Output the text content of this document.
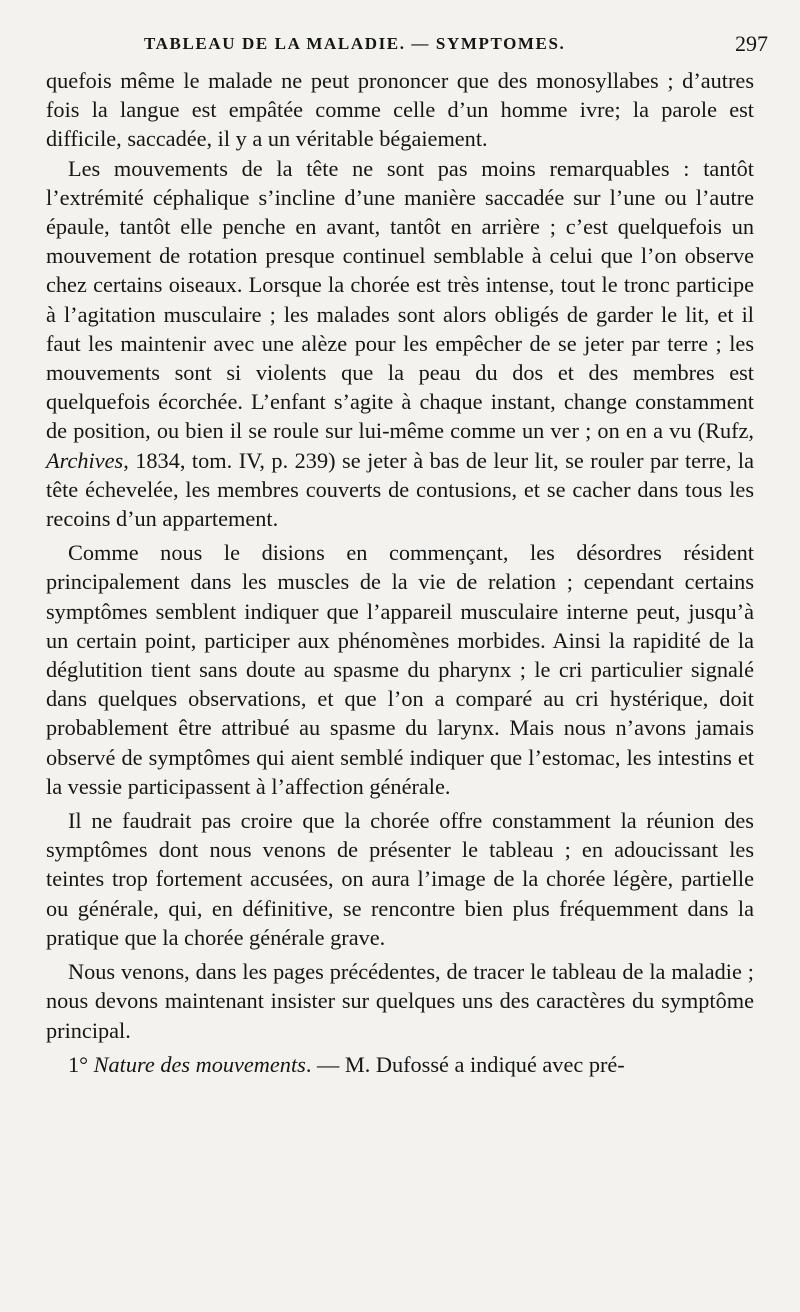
TABLEAU DE LA MALADIE. — SYMPTOMES.	297

quefois même le malade ne peut prononcer que des monosyllabes ; d’autres fois la langue est empâtée comme celle d’un homme ivre; la parole est difficile, saccadée, il y a un véritable bégaiement.

Les mouvements de la tête ne sont pas moins remarquables : tantôt l’extrémité céphalique s’incline d’une manière saccadée sur l’une ou l’autre épaule, tantôt elle penche en avant, tantôt en arrière ; c’est quelquefois un mouvement de rotation presque continuel semblable à celui que l’on observe chez certains oiseaux. Lorsque la chorée est très intense, tout le tronc participe à l’agitation musculaire ; les malades sont alors obligés de garder le lit, et il faut les maintenir avec une alèze pour les empêcher de se jeter par terre ; les mouvements sont si violents que la peau du dos et des membres est quelquefois écorchée. L’enfant s’agite à chaque instant, change constamment de position, ou bien il se roule sur lui-même comme un ver ; on en a vu (Rufz, Archives, 1834, tom. IV, p. 239) se jeter à bas de leur lit, se rouler par terre, la tête échevelée, les membres couverts de contusions, et se cacher dans tous les recoins d’un appartement.

Comme nous le disions en commençant, les désordres résident principalement dans les muscles de la vie de relation ; cependant certains symptômes semblent indiquer que l’appareil musculaire interne peut, jusqu’à un certain point, participer aux phénomènes morbides. Ainsi la rapidité de la déglutition tient sans doute au spasme du pharynx ; le cri particulier signalé dans quelques observations, et que l’on a comparé au cri hystérique, doit probablement être attribué au spasme du larynx. Mais nous n’avons jamais observé de symptômes qui aient semblé indiquer que l’estomac, les intestins et la vessie participassent à l’affection générale.

Il ne faudrait pas croire que la chorée offre constamment la réunion des symptômes dont nous venons de présenter le tableau ; en adoucissant les teintes trop fortement accusées, on aura l’image de la chorée légère, partielle ou générale, qui, en définitive, se rencontre bien plus fréquemment dans la pratique que la chorée générale grave.

Nous venons, dans les pages précédentes, de tracer le tableau de la maladie ; nous devons maintenant insister sur quelques uns des caractères du symptôme principal.

1° Nature des mouvements. — M. Dufossé a indiqué avec pré-
